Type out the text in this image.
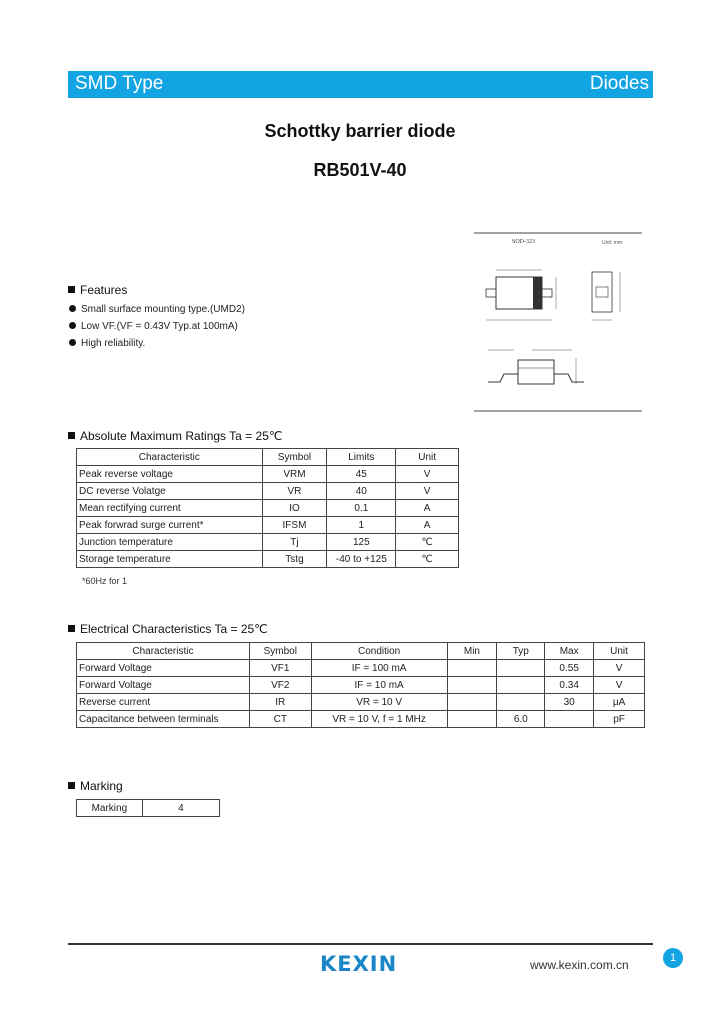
SMD Type	Diodes
Schottky barrier diode
RB501V-40
SOD-323	Unit: mm
Features
Small surface mounting type.(UMD2)
Low VF.(VF = 0.43V Typ.at 100mA)
High reliability.
Absolute Maximum Ratings Ta = 25℃
Characteristic	Symbol	Limits	Unit
Peak reverse voltage	VRM	45	V
DC reverse Volatge	VR	40	V
Mean rectifying current	IO	0.1	A
Peak forwrad surge current*	IFSM	1	A
Junction temperature	Tj	125	℃
Storage temperature	Tstg	-40 to +125	℃
*60Hz for 1
Electrical Characteristics Ta = 25℃
Characteristic	Symbol	Condition	Min	Typ	Max	Unit
Forward Voltage	VF1	IF = 100 mA			0.55	V
Forward Voltage	VF2	IF = 10 mA			0.34	V
Reverse current	IR	VR = 10 V			30	μA
Capacitance between terminals	CT	VR = 10 V, f = 1 MHz		6.0		pF
Marking
Marking	4
KEXIN	www.kexin.com.cn	1
